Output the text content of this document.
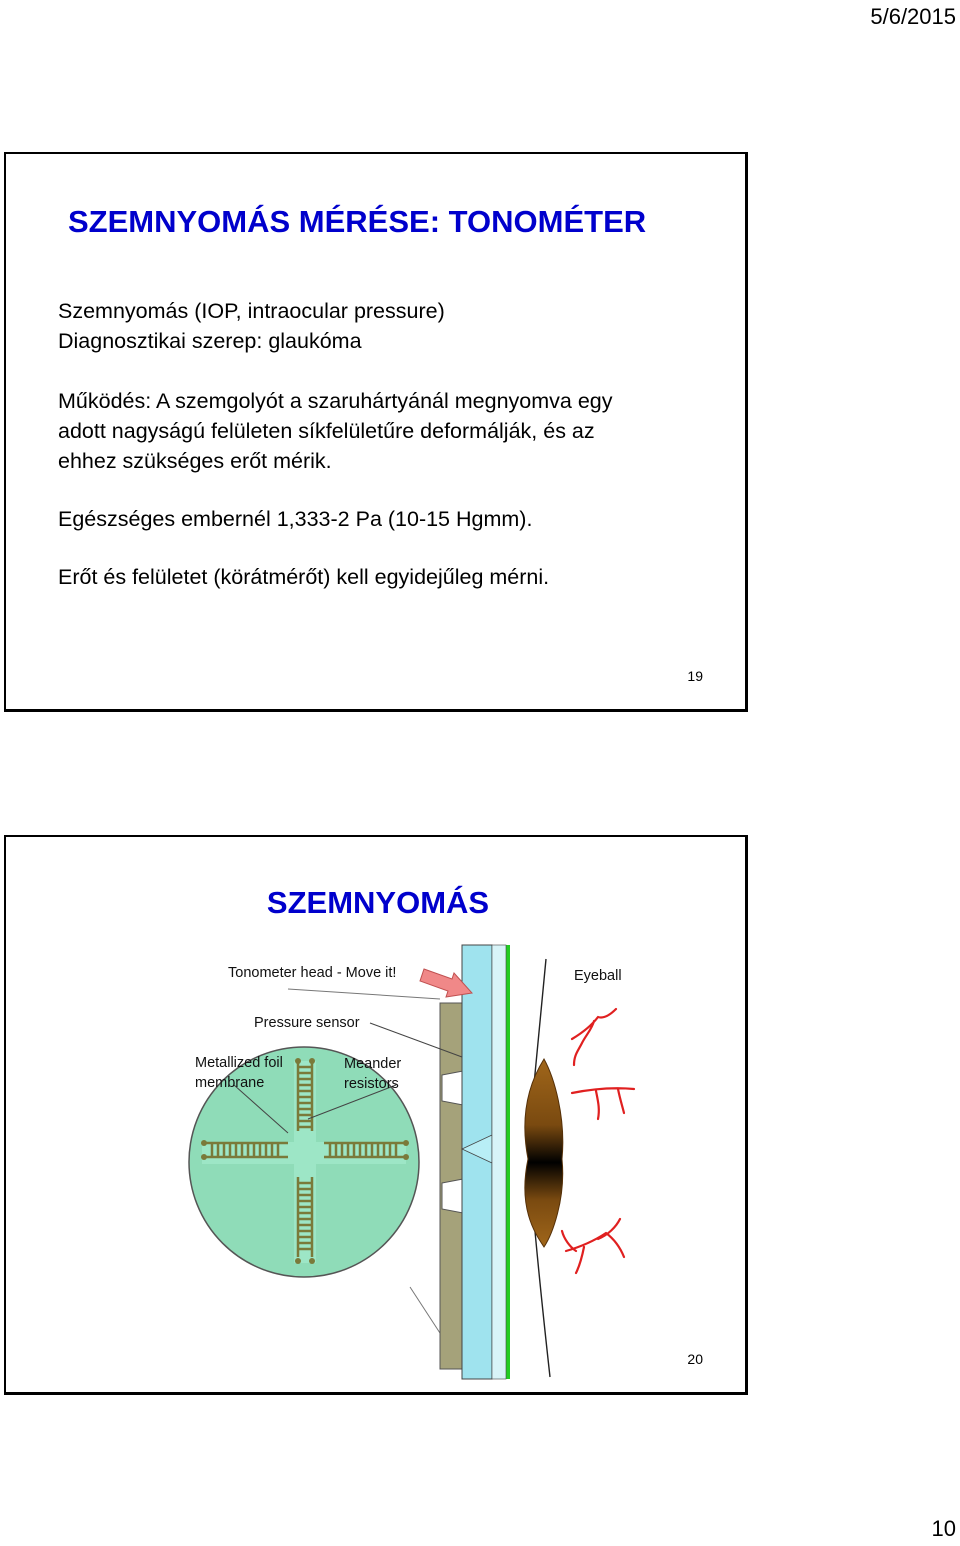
5/6/2015
SZEMNYOMÁS MÉRÉSE: TONOMÉTER

Szemnyomás (IOP, intraocular pressure)

Diagnosztikai szerep: glaukóma

Működés: A szemgolyót a szaruhártyánál megnyomva egy

adott nagyságú felületen síkfelületűre deformálják, és az

ehhez szükséges erőt mérik.

Egészséges embernél 1,333-2 Pa (10-15 Hgmm).

Erőt és felületet (körátmérőt) kell egyidejűleg mérni.

19
SZEMNYOMÁS
Tonometer head - Move it!	Eyeball
Pressure sensor
Metallized foil
membrane
Meander
resistors
20
10
